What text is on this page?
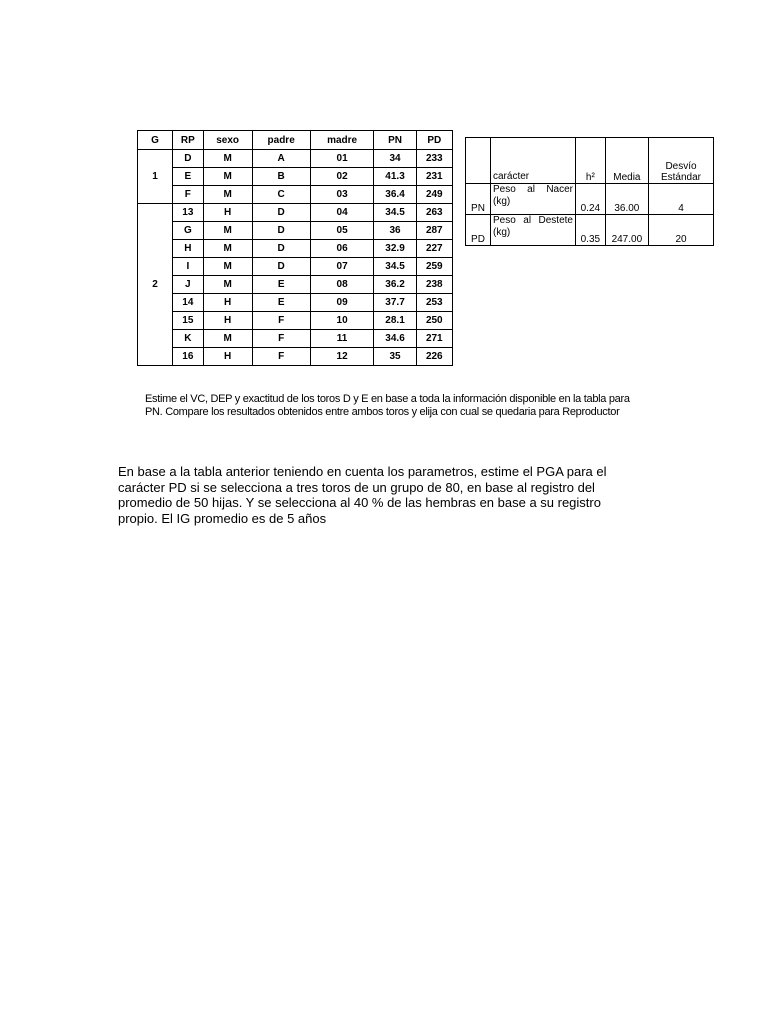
G	RP	sexo	padre	madre	PN	PD
1	D	M	A	01	34	233
	E	M	B	02	41.3	231
	F	M	C	03	36.4	249
2	13	H	D	04	34.5	263
	G	M	D	05	36	287
	H	M	D	06	32.9	227
	I	M	D	07	34.5	259
	J	M	E	08	36.2	238
	14	H	E	09	37.7	253
	15	H	F	10	28.1	250
	K	M	F	11	34.6	271
	16	H	F	12	35	226
	carácter	h²	Media	Desvío Estándar
PN	Peso al Nacer (kg)	0.24	36.00	4
PD	Peso al Destete (kg)	0.35	247.00	20
Estime el VC, DEP y exactitud de los toros D y E en base a toda la información disponible en la tabla para PN. Compare los resultados obtenidos entre ambos toros y elija con cual se quedaria para Reproductor
En base a la tabla anterior teniendo en cuenta los parametros, estime el PGA para el carácter PD si se selecciona a tres toros de un grupo de 80, en base al registro del promedio de 50 hijas. Y se selecciona al 40 % de las hembras en base a su registro propio. El IG promedio es de 5 años
